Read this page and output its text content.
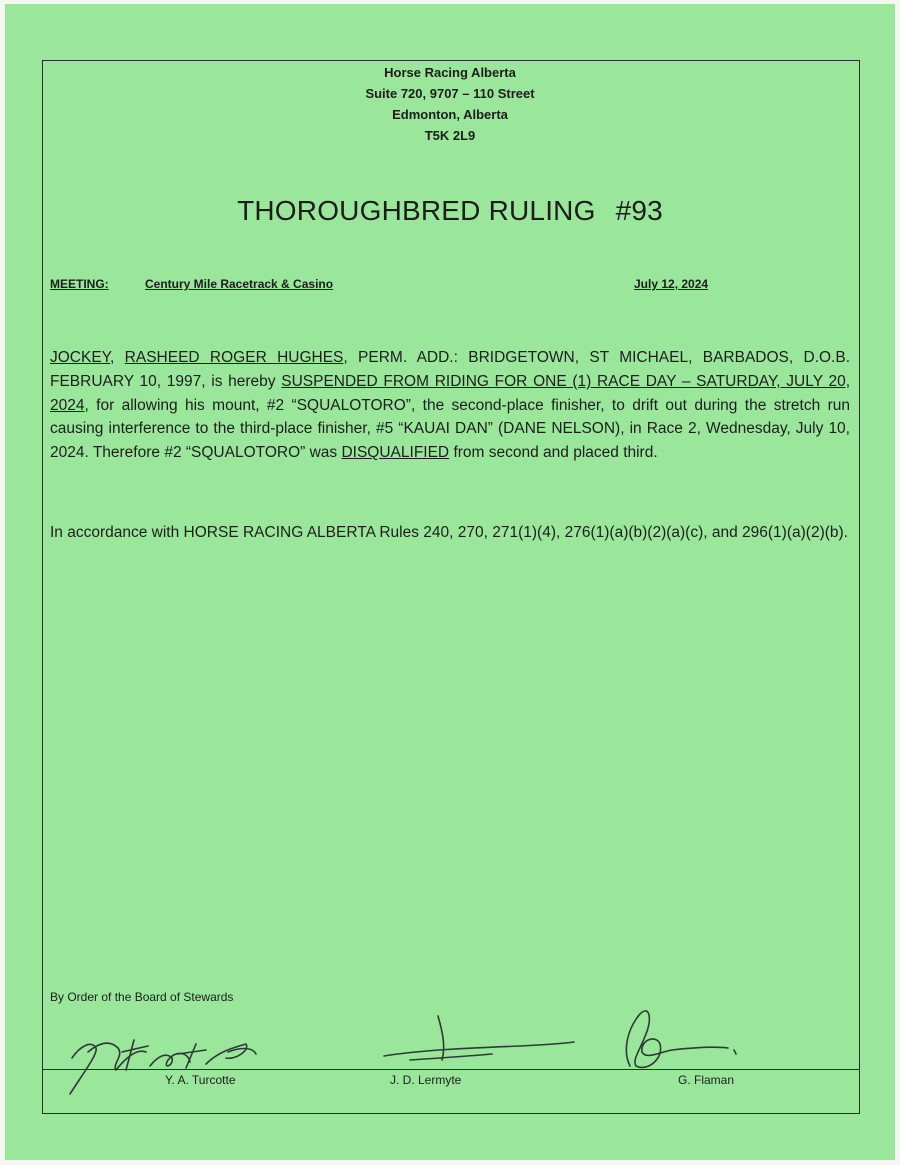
Horse Racing Alberta
Suite 720, 9707 – 110 Street
Edmonton, Alberta
T5K 2L9
THOROUGHBRED RULING #93
MEETING:	Century Mile Racetrack & Casino	July 12, 2024
JOCKEY, RASHEED ROGER HUGHES, PERM. ADD.: BRIDGETOWN, ST MICHAEL, BARBADOS, D.O.B. FEBRUARY 10, 1997, is hereby SUSPENDED FROM RIDING FOR ONE (1) RACE DAY – SATURDAY, JULY 20, 2024, for allowing his mount, #2 “SQUALOTORO”, the second-place finisher, to drift out during the stretch run causing interference to the third-place finisher, #5 “KAUAI DAN” (DANE NELSON), in Race 2, Wednesday, July 10, 2024. Therefore #2 “SQUALOTORO” was DISQUALIFIED from second and placed third.
In accordance with HORSE RACING ALBERTA Rules 240, 270, 271(1)(4), 276(1)(a)(b)(2)(a)(c), and 296(1)(a)(2)(b).
By Order of the Board of Stewards
Y. A. Turcotte	J. D. Lermyte	G. Flaman
